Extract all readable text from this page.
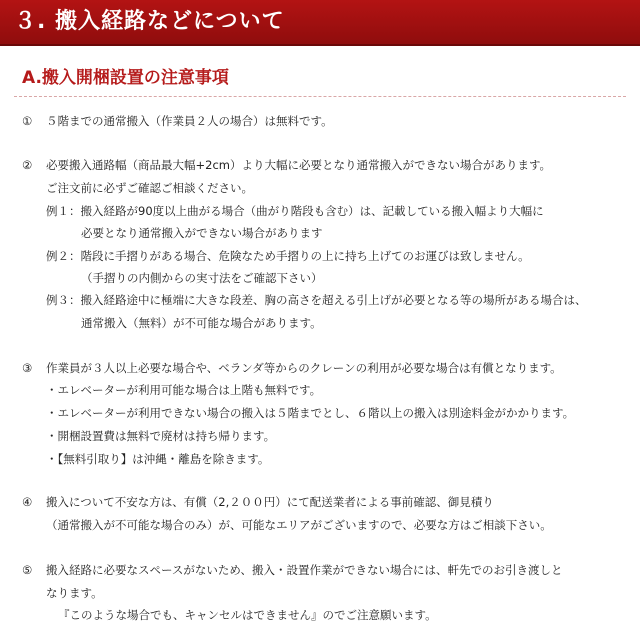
３. 搬入経路などについて
A.搬入開梱設置の注意事項
① ５階までの通常搬入（作業員２人の場合）は無料です。
② 必要搬入通路幅（商品最大幅+2cm）より大幅に必要となり通常搬入ができない場合があります。
ご注文前に必ずご確認ご相談ください。
例１：搬入経路が90度以上曲がる場合（曲がり階段も含む）は、記載している搬入幅より大幅に
必要となり通常搬入ができない場合があります
例２：階段に手摺りがある場合、危険なため手摺りの上に持ち上げてのお運びは致しません。
（手摺りの内側からの実寸法をご確認下さい）
例３：搬入経路途中に極端に大きな段差、胸の高さを超える引上げが必要となる等の場所がある場合は、
通常搬入（無料）が不可能な場合があります。
③ 作業員が３人以上必要な場合や、ベランダ等からのクレーンの利用が必要な場合は有償となります。
・エレベーターが利用可能な場合は上階も無料です。
・エレベーターが利用できない場合の搬入は５階までとし、６階以上の搬入は別途料金がかかります。
・開梱設置費は無料で廃材は持ち帰ります。
・【無料引取り】は沖縄・離島を除きます。
④ 搬入について不安な方は、有償（2,２００円）にて配送業者による事前確認、御見積り
（通常搬入が不可能な場合のみ）が、可能なエリアがございますので、必要な方はご相談下さい。
⑤ 搬入経路に必要なスペースがないため、搬入・設置作業ができない場合には、軒先でのお引き渡しと
なります。
『このような場合でも、キャンセルはできません』のでご注意願います。
